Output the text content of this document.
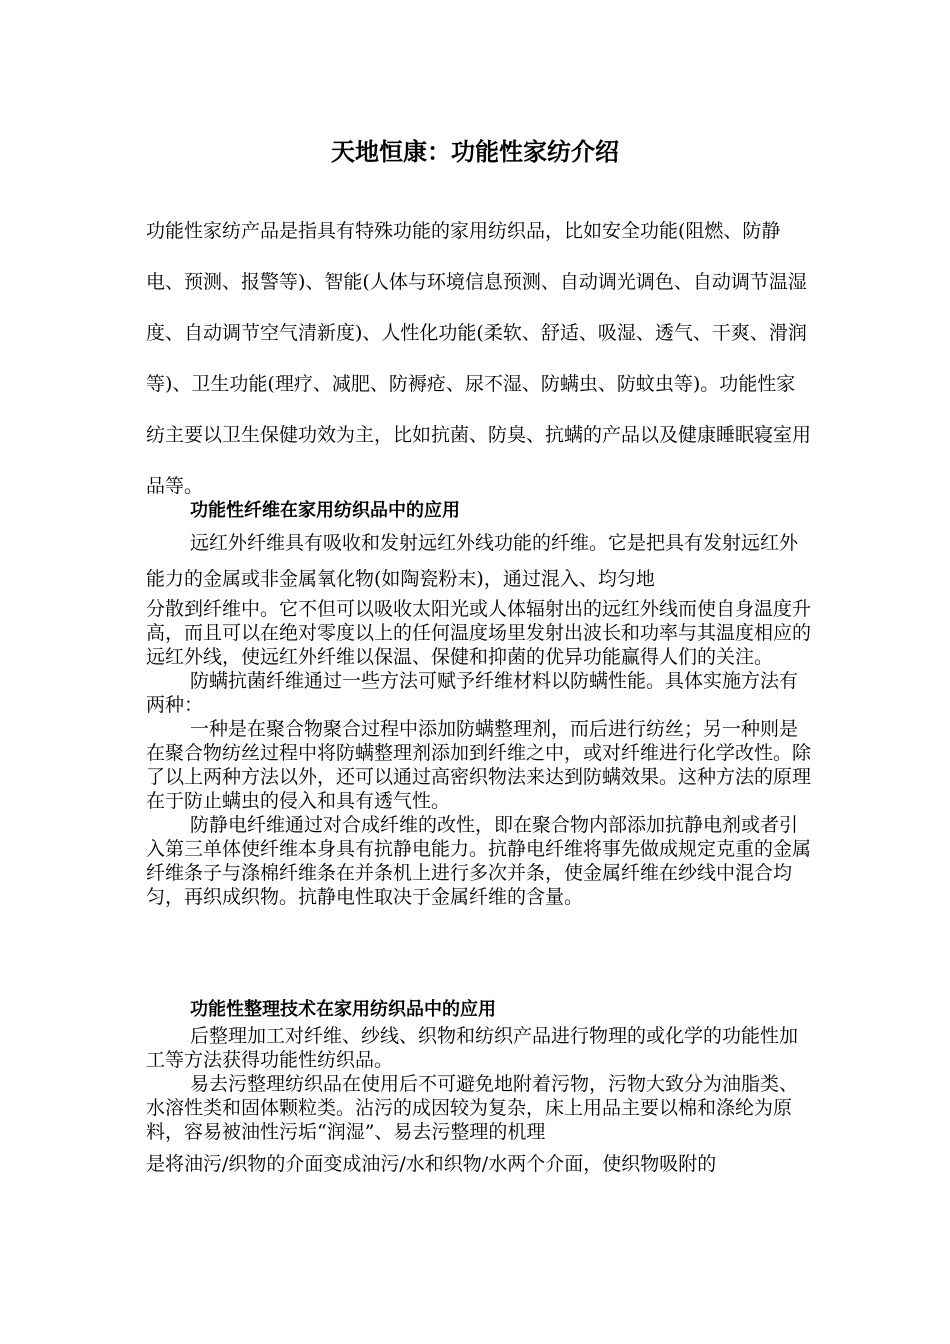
天地恒康：功能性家纺介绍

功能性家纺产品是指具有特殊功能的家用纺织品，比如安全功能(阻燃、防静电、预测、报警等)、智能(人体与环境信息预测、自动调光调色、自动调节温湿度、自动调节空气清新度)、人性化功能(柔软、舒适、吸湿、透气、干爽、滑润等)、卫生功能(理疗、减肥、防褥疮、尿不湿、防螨虫、防蚊虫等)。功能性家纺主要以卫生保健功效为主，比如抗菌、防臭、抗螨的产品以及健康睡眠寝室用品等。

功能性纤维在家用纺织品中的应用

远红外纤维具有吸收和发射远红外线功能的纤维。它是把具有发射远红外能力的金属或非金属氧化物(如陶瓷粉末)，通过混入、均匀地

分散到纤维中。它不但可以吸收太阳光或人体辐射出的远红外线而使自身温度升高，而且可以在绝对零度以上的任何温度场里发射出波长和功率与其温度相应的远红外线，使远红外纤维以保温、保健和抑菌的优异功能赢得人们的关注。

防螨抗菌纤维通过一些方法可赋予纤维材料以防螨性能。具体实施方法有两种：

一种是在聚合物聚合过程中添加防螨整理剂，而后进行纺丝；另一种则是在聚合物纺丝过程中将防螨整理剂添加到纤维之中，或对纤维进行化学改性。除了以上两种方法以外，还可以通过高密织物法来达到防螨效果。这种方法的原理在于防止螨虫的侵入和具有透气性。

防静电纤维通过对合成纤维的改性，即在聚合物内部添加抗静电剂或者引入第三单体使纤维本身具有抗静电能力。抗静电纤维将事先做成规定克重的金属纤维条子与涤棉纤维条在并条机上进行多次并条，使金属纤维在纱线中混合均匀，再织成织物。抗静电性取决于金属纤维的含量。

功能性整理技术在家用纺织品中的应用

后整理加工对纤维、纱线、织物和纺织产品进行物理的或化学的功能性加工等方法获得功能性纺织品。

易去污整理纺织品在使用后不可避免地附着污物，污物大致分为油脂类、水溶性类和固体颗粒类。沾污的成因较为复杂，床上用品主要以棉和涤纶为原料，容易被油性污垢“润湿”、易去污整理的机理

是将油污/织物的介面变成油污/水和织物/水两个介面，使织物吸附的
